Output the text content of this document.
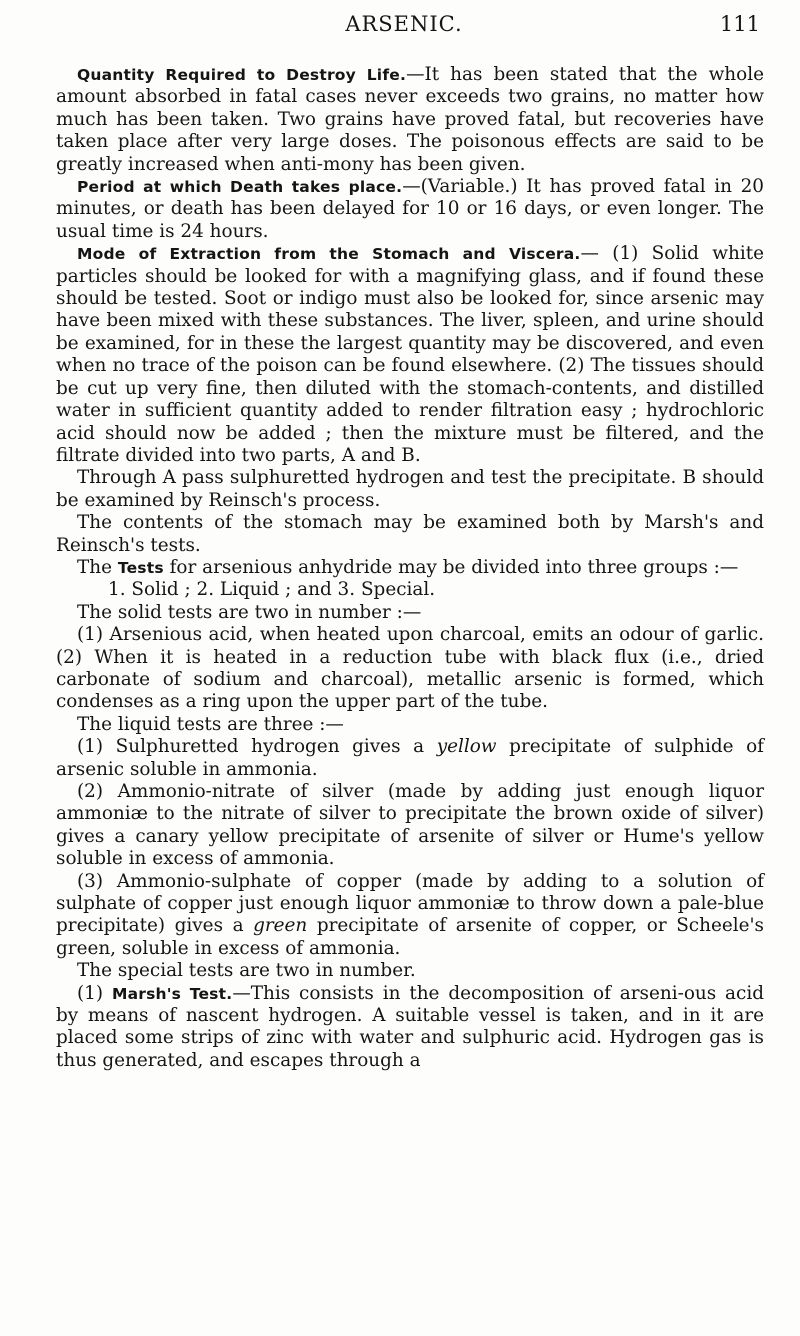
ARSENIC.	111

Quantity Required to Destroy Life.—It has been stated that the whole amount absorbed in fatal cases never exceeds two grains, no matter how much has been taken. Two grains have proved fatal, but recoveries have taken place after very large doses. The poisonous effects are said to be greatly increased when anti-mony has been given.

Period at which Death takes place.—(Variable.) It has proved fatal in 20 minutes, or death has been delayed for 10 or 16 days, or even longer. The usual time is 24 hours.

Mode of Extraction from the Stomach and Viscera.— (1) Solid white particles should be looked for with a magnifying glass, and if found these should be tested. Soot or indigo must also be looked for, since arsenic may have been mixed with these substances. The liver, spleen, and urine should be examined, for in these the largest quantity may be discovered, and even when no trace of the poison can be found elsewhere. (2) The tissues should be cut up very fine, then diluted with the stomach-contents, and distilled water in sufficient quantity added to render filtration easy ; hydrochloric acid should now be added ; then the mixture must be filtered, and the filtrate divided into two parts, A and B.

Through A pass sulphuretted hydrogen and test the precipitate. B should be examined by Reinsch's process.

The contents of the stomach may be examined both by Marsh's and Reinsch's tests.

The Tests for arsenious anhydride may be divided into three groups :—

1. Solid ; 2. Liquid ; and 3. Special.

The solid tests are two in number :—

(1) Arsenious acid, when heated upon charcoal, emits an odour of garlic. (2) When it is heated in a reduction tube with black flux (i.e., dried carbonate of sodium and charcoal), metallic arsenic is formed, which condenses as a ring upon the upper part of the tube.

The liquid tests are three :—

(1) Sulphuretted hydrogen gives a yellow precipitate of sulphide of arsenic soluble in ammonia.

(2) Ammonio-nitrate of silver (made by adding just enough liquor ammoniæ to the nitrate of silver to precipitate the brown oxide of silver) gives a canary yellow precipitate of arsenite of silver or Hume's yellow soluble in excess of ammonia.

(3) Ammonio-sulphate of copper (made by adding to a solution of sulphate of copper just enough liquor ammoniæ to throw down a pale-blue precipitate) gives a green precipitate of arsenite of copper, or Scheele's green, soluble in excess of ammonia.

The special tests are two in number.

(1) Marsh's Test.—This consists in the decomposition of arseni-ous acid by means of nascent hydrogen. A suitable vessel is taken, and in it are placed some strips of zinc with water and sulphuric acid. Hydrogen gas is thus generated, and escapes through a
